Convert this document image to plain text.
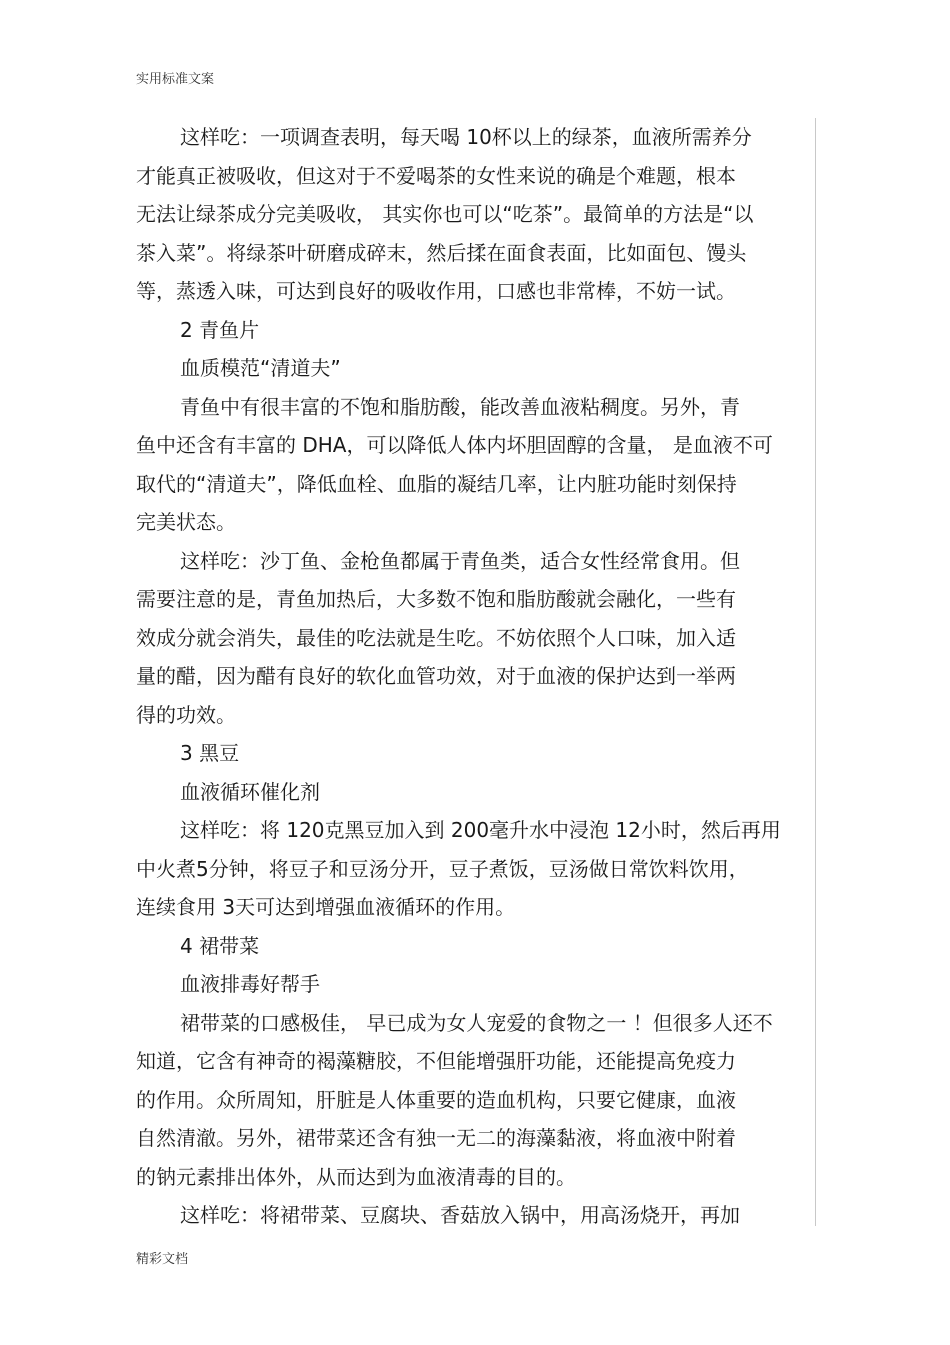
实用标准文案
这样吃：一项调查表明，每天喝 10杯以上的绿茶，血液所需养分
才能真正被吸收，但这对于不爱喝茶的女性来说的确是个难题，根本
无法让绿茶成分完美吸收， 其实你也可以“吃茶”。最简单的方法是“以
茶入菜”。将绿茶叶研磨成碎末，然后揉在面食表面，比如面包、馒头
等，蒸透入味，可达到良好的吸收作用，口感也非常棒，不妨一试。
2 青鱼片
血质模范“清道夫”
青鱼中有很丰富的不饱和脂肪酸，能改善血液粘稠度。另外，青
鱼中还含有丰富的 DHA，可以降低人体内坏胆固醇的含量， 是血液不可
取代的“清道夫”，降低血栓、血脂的凝结几率，让内脏功能时刻保持
完美状态。
这样吃：沙丁鱼、金枪鱼都属于青鱼类，适合女性经常食用。但
需要注意的是，青鱼加热后，大多数不饱和脂肪酸就会融化，一些有
效成分就会消失，最佳的吃法就是生吃。不妨依照个人口味，加入适
量的醋，因为醋有良好的软化血管功效，对于血液的保护达到一举两
得的功效。
3 黑豆
血液循环催化剂
这样吃：将 120克黑豆加入到 200毫升水中浸泡 12小时，然后再用
中火煮5分钟，将豆子和豆汤分开，豆子煮饭，豆汤做日常饮料饮用，
连续食用 3天可达到增强血液循环的作用。
4 裙带菜
血液排毒好帮手
裙带菜的口感极佳， 早已成为女人宠爱的食物之一 ！但很多人还不
知道，它含有神奇的褐藻糖胶，不但能增强肝功能，还能提高免疫力
的作用。众所周知，肝脏是人体重要的造血机构，只要它健康，血液
自然清澈。另外，裙带菜还含有独一无二的海藻黏液，将血液中附着
的钠元素排出体外，从而达到为血液清毒的目的。
这样吃：将裙带菜、豆腐块、香菇放入锅中，用高汤烧开，再加
精彩文档
